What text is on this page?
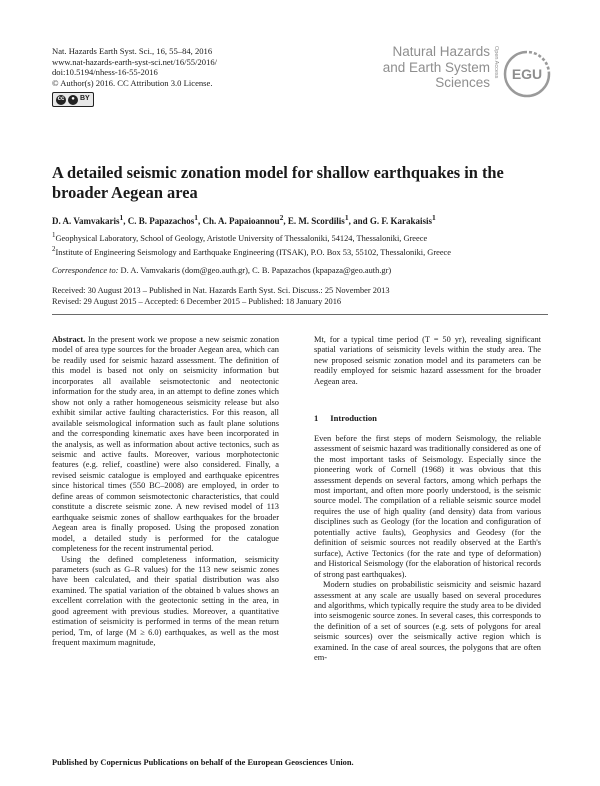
Nat. Hazards Earth Syst. Sci., 16, 55–84, 2016
www.nat-hazards-earth-syst-sci.net/16/55/2016/
doi:10.5194/nhess-16-55-2016
© Author(s) 2016. CC Attribution 3.0 License.
cc	● BY
Natural Hazards
and Earth System
Sciences
Open Access EGU
A detailed seismic zonation model for shallow earthquakes in the broader Aegean area
D. A. Vamvakaris$^1$, C. B. Papazachos$^1$, Ch. A. Papaioannou$^2$, E. M. Scordilis$^1$, and G. F. Karakaisis$^1$
$^1$Geophysical Laboratory, School of Geology, Aristotle University of Thessaloniki, 54124, Thessaloniki, Greece
$^2$Institute of Engineering Seismology and Earthquake Engineering (ITSAK), P.O. Box 53, 55102, Thessaloniki, Greece
Correspondence to: D. A. Vamvakaris (dom@geo.auth.gr), C. B. Papazachos (kpapaza@geo.auth.gr)
Received: 30 August 2013 – Published in Nat. Hazards Earth Syst. Sci. Discuss.: 25 November 2013
Revised: 29 August 2015 – Accepted: 6 December 2015 – Published: 18 January 2016

Abstract. In the present work we propose a new seismic zonation model of area type sources for the broader Aegean area, which can be readily used for seismic hazard assessment. The definition of this model is based not only on seismicity information but incorporates all available seismotectonic and neotectonic information for the study area, in an attempt to define zones which show not only a rather homogeneous seismicity release but also exhibit similar active faulting characteristics. For this reason, all available seismological information such as fault plane solutions and the corresponding kinematic axes have been incorporated in the analysis, as well as information about active tectonics, such as seismic and active faults. Moreover, various morphotectonic features (e.g. relief, coastline) were also considered. Finally, a revised seismic catalogue is employed and earthquake epicentres since historical times (550 BC–2008) are employed, in order to define areas of common seismotectonic characteristics, that could constitute a discrete seismic zone. A new revised model of 113 earthquake seismic zones of shallow earthquakes for the broader Aegean area is finally proposed. Using the proposed zonation model, a detailed study is performed for the catalogue completeness for the recent instrumental period.

Using the defined completeness information, seismicity parameters (such as G–R values) for the 113 new seismic zones have been calculated, and their spatial distribution was also examined. The spatial variation of the obtained b values shows an excellent correlation with the geotectonic setting in the area, in good agreement with previous studies. Moreover, a quantitative estimation of seismicity is performed in terms of the mean return period, Tm, of large (M ≥ 6.0) earthquakes, as well as the most frequent maximum magnitude,

Mt, for a typical time period (T = 50 yr), revealing significant spatial variations of seismicity levels within the study area. The new proposed seismic zonation model and its parameters can be readily employed for seismic hazard assessment for the broader Aegean area.

1 Introduction

Even before the first steps of modern Seismology, the reliable assessment of seismic hazard was traditionally considered as one of the most important tasks of Seismology. Especially since the pioneering work of Cornell (1968) it was obvious that this assessment depends on several factors, among which perhaps the most important, and often more poorly understood, is the seismic source model. The compilation of a reliable seismic source model requires the use of high quality (and density) data from various disciplines such as Geology (for the location and configuration of potentially active faults), Geophysics and Geodesy (for the definition of seismic sources not readily observed at the Earth's surface), Active Tectonics (for the rate and type of deformation) and Historical Seismology (for the elaboration of historical records of strong past earthquakes).

Modern studies on probabilistic seismicity and seismic hazard assessment at any scale are usually based on several procedures and algorithms, which typically require the study area to be divided into seismogenic source zones. In several cases, this corresponds to the definition of a set of sources (e.g. sets of polygons for areal seismic sources) over the seismically active region which is examined. In the case of areal sources, the polygons that are often em-

Published by Copernicus Publications on behalf of the European Geosciences Union.
